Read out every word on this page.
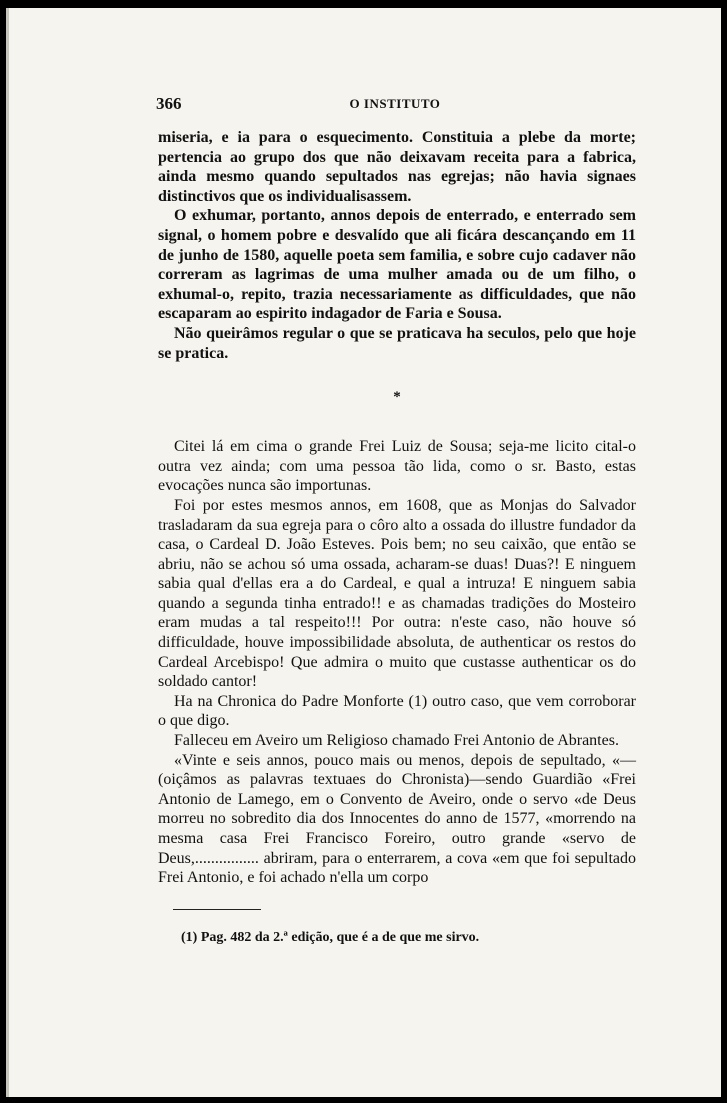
366	O INSTITUTO

miseria, e ia para o esquecimento. Constituia a plebe da morte; pertencia ao grupo dos que não deixavam receita para a fabrica, ainda mesmo quando sepultados nas egrejas; não havia signaes distinctivos que os individualisassem.

O exhumar, portanto, annos depois de enterrado, e enterrado sem signal, o homem pobre e desvalído que ali ficára descançando em 11 de junho de 1580, aquelle poeta sem familia, e sobre cujo cadaver não correram as lagrimas de uma mulher amada ou de um filho, o exhumal-o, repito, trazia necessariamente as difficuldades, que não escaparam ao espirito indagador de Faria e Sousa.

Não queirâmos regular o que se praticava ha seculos, pelo que hoje se pratica.

*

Citei lá em cima o grande Frei Luiz de Sousa; seja-me licito cital-o outra vez ainda; com uma pessoa tão lida, como o sr. Basto, estas evocações nunca são importunas.

Foi por estes mesmos annos, em 1608, que as Monjas do Salvador trasladaram da sua egreja para o côro alto a ossada do illustre fundador da casa, o Cardeal D. João Esteves. Pois bem; no seu caixão, que então se abriu, não se achou só uma ossada, acharam-se duas! Duas?! E ninguem sabia qual d'ellas era a do Cardeal, e qual a intruza! E ninguem sabia quando a segunda tinha entrado!! e as chamadas tradições do Mosteiro eram mudas a tal respeito!!! Por outra: n'este caso, não houve só difficuldade, houve impossibilidade absoluta, de authenticar os restos do Cardeal Arcebispo! Que admira o muito que custasse authenticar os do soldado cantor!

Ha na Chronica do Padre Monforte (1) outro caso, que vem corroborar o que digo.

Falleceu em Aveiro um Religioso chamado Frei Antonio de Abrantes.

«Vinte e seis annos, pouco mais ou menos, depois de sepultado, «—(oiçâmos as palavras textuaes do Chronista)—sendo Guardião «Frei Antonio de Lamego, em o Convento de Aveiro, onde o servo «de Deus morreu no sobredito dia dos Innocentes do anno de 1577, «morrendo na mesma casa Frei Francisco Foreiro, outro grande «servo de Deus,................ abriram, para o enterrarem, a cova «em que foi sepultado Frei Antonio, e foi achado n'ella um corpo

(1) Pag. 482 da 2.ª edição, que é a de que me sirvo.
